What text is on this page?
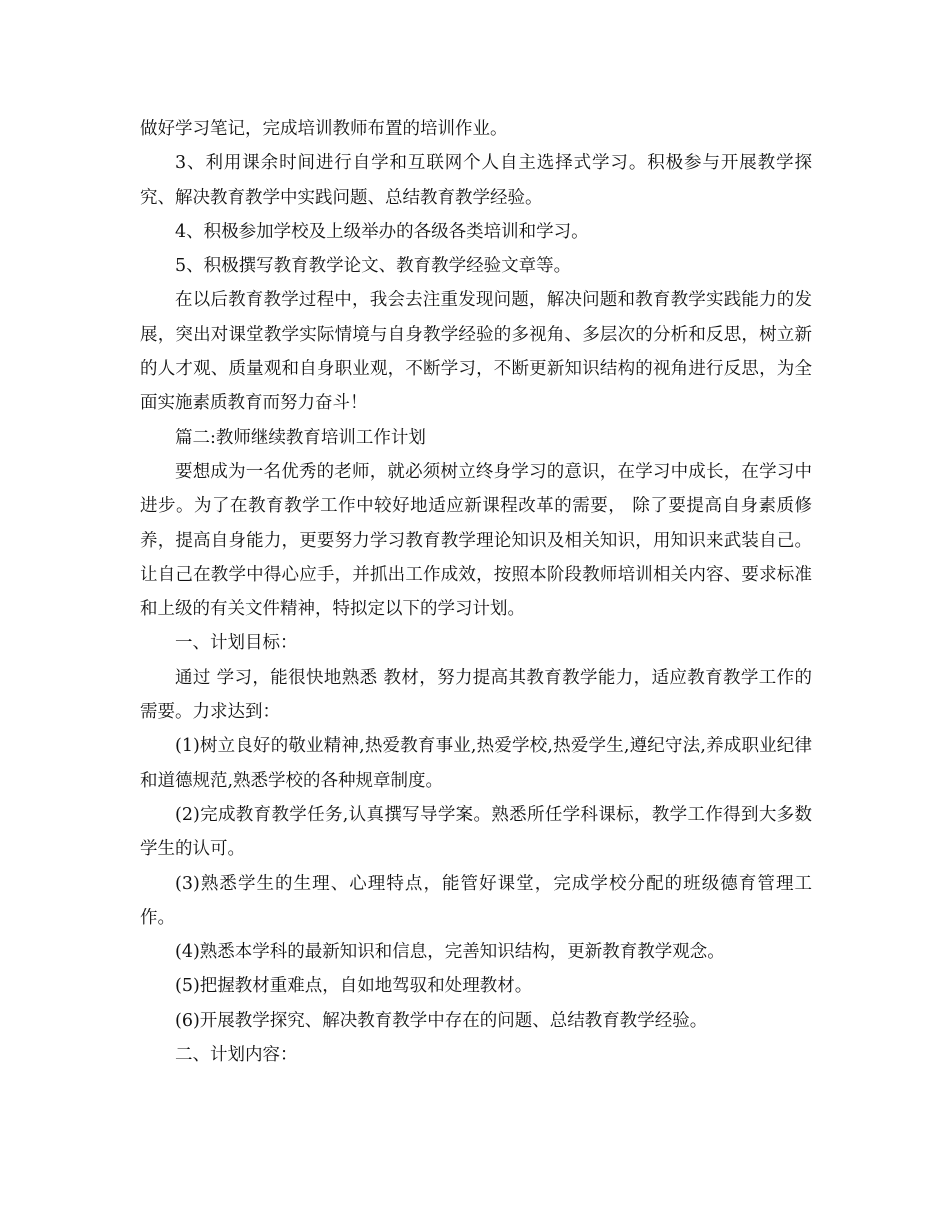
做好学习笔记，完成培训教师布置的培训作业。

3、利用课余时间进行自学和互联网个人自主选择式学习。积极参与开展教学探究、解决教育教学中实践问题、总结教育教学经验。

4、积极参加学校及上级举办的各级各类培训和学习。

5、积极撰写教育教学论文、教育教学经验文章等。

在以后教育教学过程中，我会去注重发现问题，解决问题和教育教学实践能力的发展，突出对课堂教学实际情境与自身教学经验的多视角、多层次的分析和反思，树立新的人才观、质量观和自身职业观，不断学习，不断更新知识结构的视角进行反思，为全面实施素质教育而努力奋斗！

篇二:教师继续教育培训工作计划

要想成为一名优秀的老师，就必须树立终身学习的意识，在学习中成长，在学习中进步。为了在教育教学工作中较好地适应新课程改革的需要， 除了要提高自身素质修养，提高自身能力，更要努力学习教育教学理论知识及相关知识，用知识来武装自己。让自己在教学中得心应手，并抓出工作成效，按照本阶段教师培训相关内容、要求标准和上级的有关文件精神，特拟定以下的学习计划。

一、计划目标：

通过 学习，能很快地熟悉 教材，努力提高其教育教学能力，适应教育教学工作的需要。力求达到：

(1)树立良好的敬业精神,热爱教育事业,热爱学校,热爱学生,遵纪守法,养成职业纪律和道德规范,熟悉学校的各种规章制度。

(2)完成教育教学任务,认真撰写导学案。熟悉所任学科课标，教学工作得到大多数学生的认可。

(3)熟悉学生的生理、心理特点，能管好课堂，完成学校分配的班级德育管理工作。

(4)熟悉本学科的最新知识和信息，完善知识结构，更新教育教学观念。

(5)把握教材重难点，自如地驾驭和处理教材。

(6)开展教学探究、解决教育教学中存在的问题、总结教育教学经验。

二、计划内容：
